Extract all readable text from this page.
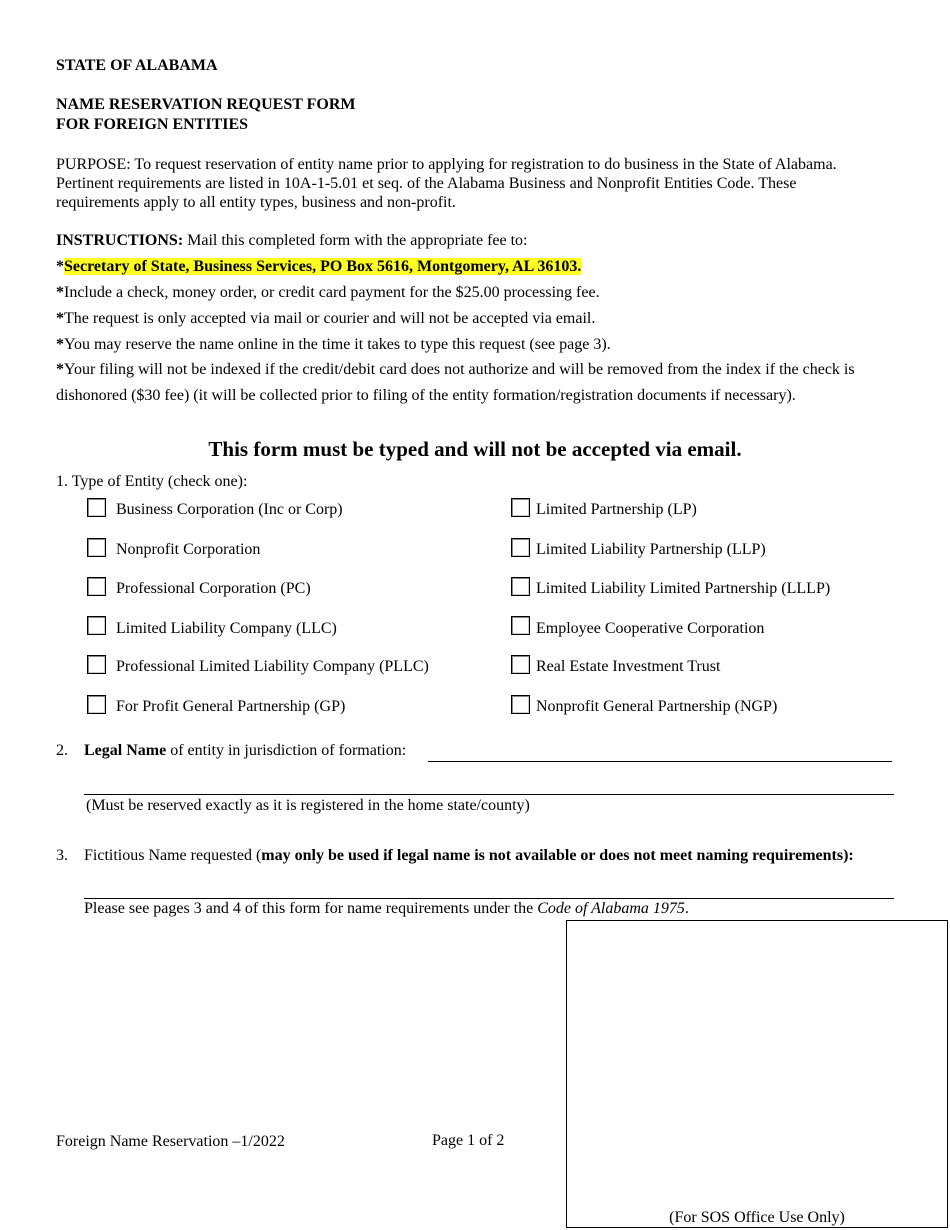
STATE OF ALABAMA
NAME RESERVATION REQUEST FORM
FOR FOREIGN ENTITIES
PURPOSE: To request reservation of entity name prior to applying for registration to do business in the State of Alabama. Pertinent requirements are listed in 10A-1-5.01 et seq. of the Alabama Business and Nonprofit Entities Code. These requirements apply to all entity types, business and non-profit.
INSTRUCTIONS: Mail this completed form with the appropriate fee to:
*Secretary of State, Business Services, PO Box 5616, Montgomery, AL 36103.
*Include a check, money order, or credit card payment for the $25.00 processing fee.
*The request is only accepted via mail or courier and will not be accepted via email.
*You may reserve the name online in the time it takes to type this request (see page 3).
*Your filing will not be indexed if the credit/debit card does not authorize and will be removed from the index if the check is dishonored ($30 fee) (it will be collected prior to filing of the entity formation/registration documents if necessary).
This form must be typed and will not be accepted via email.
1. Type of Entity (check one):
Business Corporation (Inc or Corp)
Nonprofit Corporation
Professional Corporation (PC)
Limited Liability Company (LLC)
Professional Limited Liability Company (PLLC)
For Profit General Partnership (GP)
Limited Partnership (LP)
Limited Liability Partnership (LLP)
Limited Liability Limited Partnership (LLLP)
Employee Cooperative Corporation
Real Estate Investment Trust
Nonprofit General Partnership (NGP)
2. Legal Name of entity in jurisdiction of formation:
(Must be reserved exactly as it is registered in the home state/county)
3. Fictitious Name requested (may only be used if legal name is not available or does not meet naming requirements):
Please see pages 3 and 4 of this form for name requirements under the Code of Alabama 1975.
(For SOS Office Use Only)
Foreign Name Reservation –1/2022	Page 1 of 2
